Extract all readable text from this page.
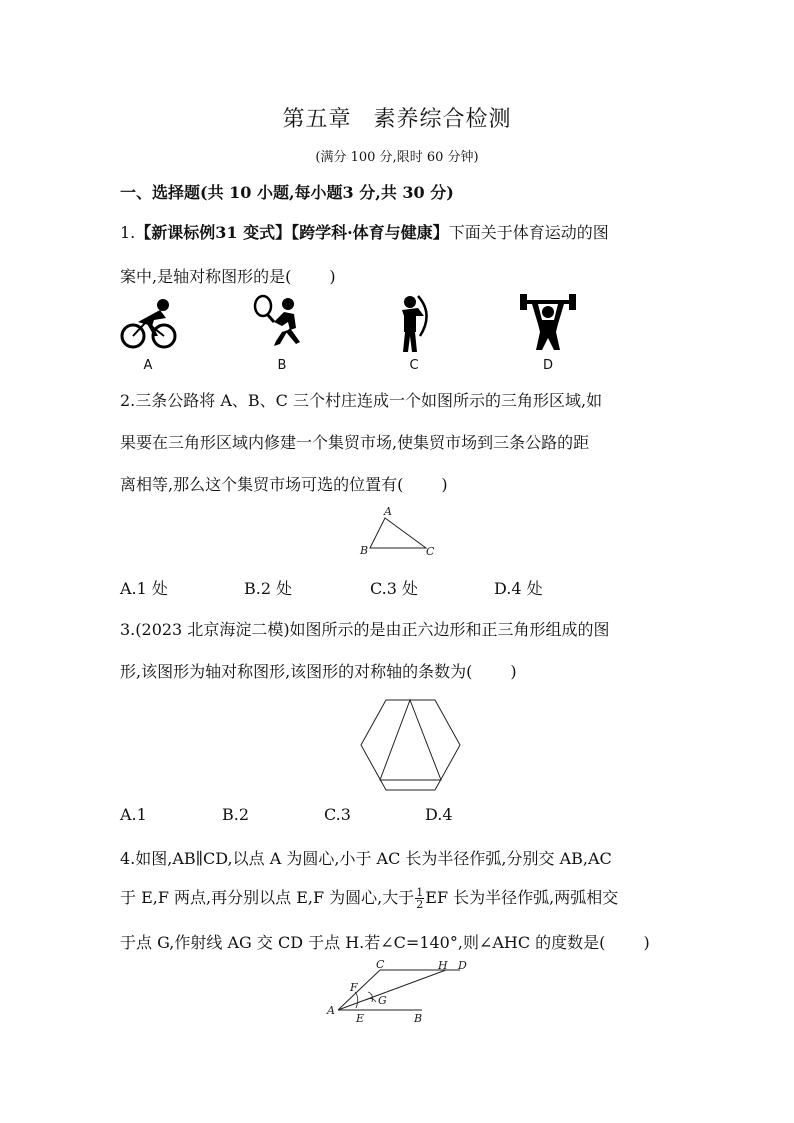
第五章 素养综合检测
(满分 100 分,限时 60 分钟)
一、选择题(共 10 小题,每小题3 分,共 30 分)
1.【新课标例31 变式】【跨学科·体育与健康】下面关于体育运动的图
案中,是轴对称图形的是( )
A	B	C	D
2.三条公路将 A、B、C 三个村庄连成一个如图所示的三角形区域,如
果要在三角形区域内修建一个集贸市场,使集贸市场到三条公路的距
离相等,那么这个集贸市场可选的位置有( )
A
B	C
A.1 处	B.2 处	C.3 处	D.4 处
3.(2023 北京海淀二模)如图所示的是由正六边形和正三角形组成的图
形,该图形为轴对称图形,该图形的对称轴的条数为( )
A.1	B.2	C.3	D.4
4.如图,AB∥CD,以点 A 为圆心,小于 AC 长为半径作弧,分别交 AB,AC
于 E,F 两点,再分别以点 E,F 为圆心,大于 $\frac{1}{2}$ EF 长为半径作弧,两弧相交
于点 G,作射线 AG 交 CD 于点 H.若∠C=140°,则∠AHC 的度数是( )
C	H D
F
G
A
E	B
